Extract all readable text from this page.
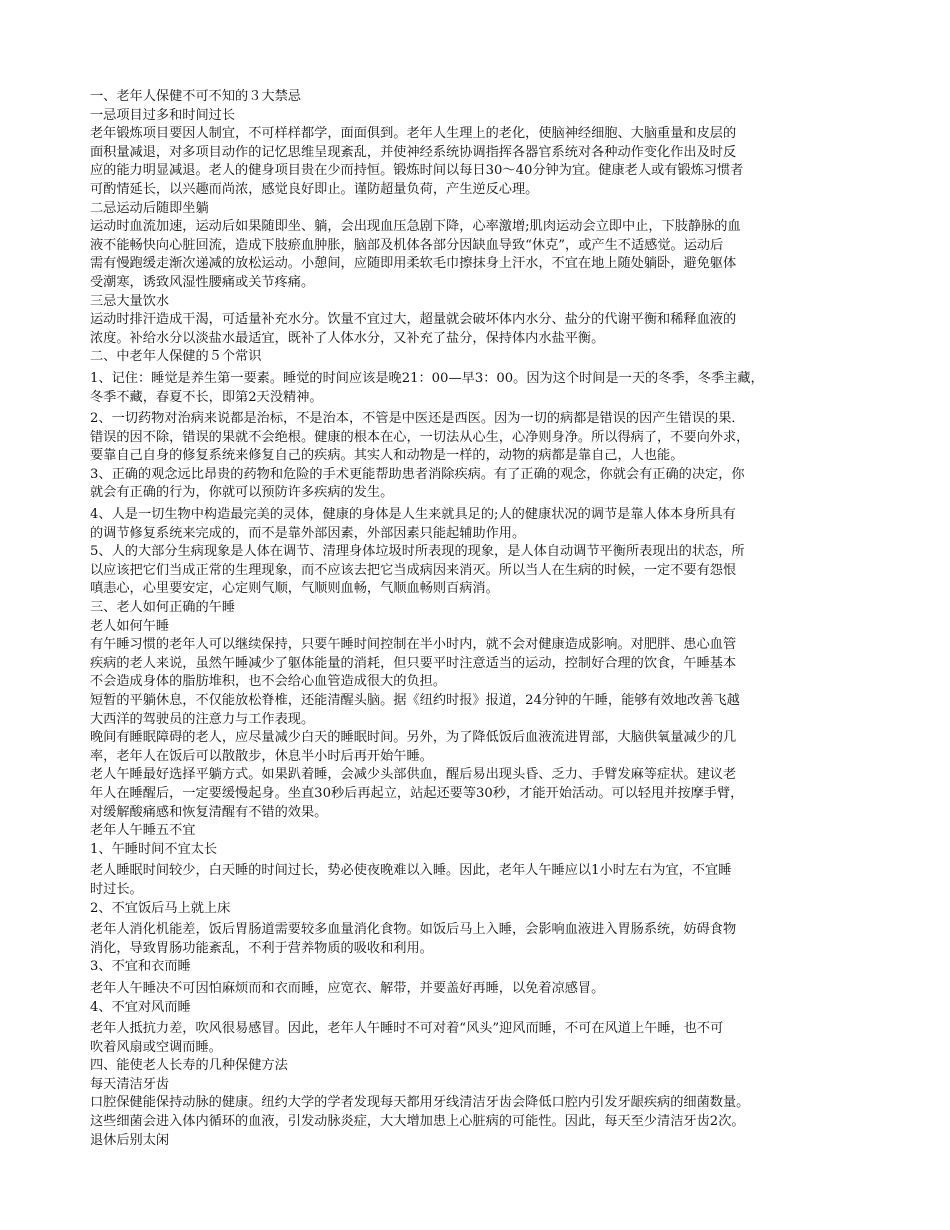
一、老年人保健不可不知的３大禁忌

一忌项目过多和时间过长

老年锻炼项目要因人制宜，不可样样都学，面面俱到。老年人生理上的老化，使脑神经细胞、大脑重量和皮层的

面积量减退，对多项目动作的记忆思维呈现紊乱，并使神经系统协调指挥各器官系统对各种动作变化作出及时反

应的能力明显减退。老人的健身项目贵在少而持恒。锻炼时间以每日30～40分钟为宜。健康老人或有锻炼习惯者

可酌情延长，以兴趣而尚浓，感觉良好即止。谨防超量负荷，产生逆反心理。

二忌运动后随即坐躺

运动时血流加速，运动后如果随即坐、躺，会出现血压急剧下降，心率激增;肌肉运动会立即中止，下肢静脉的血

液不能畅快向心脏回流，造成下肢瘀血肿胀，脑部及机体各部分因缺血导致“休克”，或产生不适感觉。运动后

需有慢跑缓走渐次递减的放松运动。小憩间，应随即用柔软毛巾擦抹身上汗水，不宜在地上随处躺卧，避免躯体

受潮寒，诱致风湿性腰痛或关节疼痛。

三忌大量饮水

运动时排汗造成干渴，可适量补充水分。饮量不宜过大，超量就会破坏体内水分、盐分的代谢平衡和稀释血液的

浓度。补给水分以淡盐水最适宜，既补了人体水分，又补充了盐分，保持体内水盐平衡。

二、中老年人保健的５个常识

1、记住：睡觉是养生第一要素。睡觉的时间应该是晚21：00—早3：00。因为这个时间是一天的冬季，冬季主藏，

冬季不藏，春夏不长，即第2天没精神。

2、一切药物对治病来说都是治标，不是治本，不管是中医还是西医。因为一切的病都是错误的因产生错误的果．

错误的因不除，错误的果就不会绝根。健康的根本在心，一切法从心生，心净则身净。所以得病了，不要向外求，

要靠自己自身的修复系统来修复自己的疾病。其实人和动物是一样的，动物的病都是靠自己，人也能。

3、正确的观念远比昂贵的药物和危险的手术更能帮助患者消除疾病。有了正确的观念，你就会有正确的决定，你

就会有正确的行为，你就可以预防许多疾病的发生。

4、人是一切生物中构造最完美的灵体，健康的身体是人生来就具足的;人的健康状况的调节是靠人体本身所具有

的调节修复系统来完成的，而不是靠外部因素，外部因素只能起辅助作用。

5、人的大部分生病现象是人体在调节、清理身体垃圾时所表现的现象，是人体自动调节平衡所表现出的状态，所

以应该把它们当成正常的生理现象，而不应该去把它当成病因来消灭。所以当人在生病的时候，一定不要有怨恨

嗔恚心，心里要安定，心定则气顺，气顺则血畅，气顺血畅则百病消。

三、老人如何正确的午睡

老人如何午睡

有午睡习惯的老年人可以继续保持，只要午睡时间控制在半小时内，就不会对健康造成影响。对肥胖、患心血管

疾病的老人来说，虽然午睡减少了躯体能量的消耗，但只要平时注意适当的运动，控制好合理的饮食，午睡基本

不会造成身体的脂肪堆积，也不会给心血管造成很大的负担。

短暂的平躺休息，不仅能放松脊椎，还能清醒头脑。据《纽约时报》报道，24分钟的午睡，能够有效地改善飞越

大西洋的驾驶员的注意力与工作表现。

晚间有睡眠障碍的老人，应尽量减少白天的睡眠时间。另外，为了降低饭后血液流进胃部，大脑供氧量减少的几

率，老年人在饭后可以散散步，休息半小时后再开始午睡。

老人午睡最好选择平躺方式。如果趴着睡，会减少头部供血，醒后易出现头昏、乏力、手臂发麻等症状。建议老

年人在睡醒后，一定要缓慢起身。坐直30秒后再起立，站起还要等30秒，才能开始活动。可以轻甩并按摩手臂，

对缓解酸痛感和恢复清醒有不错的效果。

老年人午睡五不宜

1、午睡时间不宜太长

老人睡眠时间较少，白天睡的时间过长，势必使夜晚难以入睡。因此，老年人午睡应以1小时左右为宜，不宜睡

时过长。

2、不宜饭后马上就上床

老年人消化机能差，饭后胃肠道需要较多血量消化食物。如饭后马上入睡，会影响血液进入胃肠系统，妨碍食物

消化，导致胃肠功能紊乱，不利于营养物质的吸收和利用。

3、不宜和衣而睡

老年人午睡决不可因怕麻烦而和衣而睡，应宽衣、解带，并要盖好再睡，以免着凉感冒。

4、不宜对风而睡

老年人抵抗力差，吹风很易感冒。因此，老年人午睡时不可对着“风头”迎风而睡，不可在风道上午睡，也不可

吹着风扇或空调而睡。

四、能使老人长寿的几种保健方法

每天清洁牙齿

口腔保健能保持动脉的健康。纽约大学的学者发现每天都用牙线清洁牙齿会降低口腔内引发牙龈疾病的细菌数量。

这些细菌会进入体内循环的血液，引发动脉炎症，大大增加患上心脏病的可能性。因此，每天至少清洁牙齿2次。

退休后别太闲
